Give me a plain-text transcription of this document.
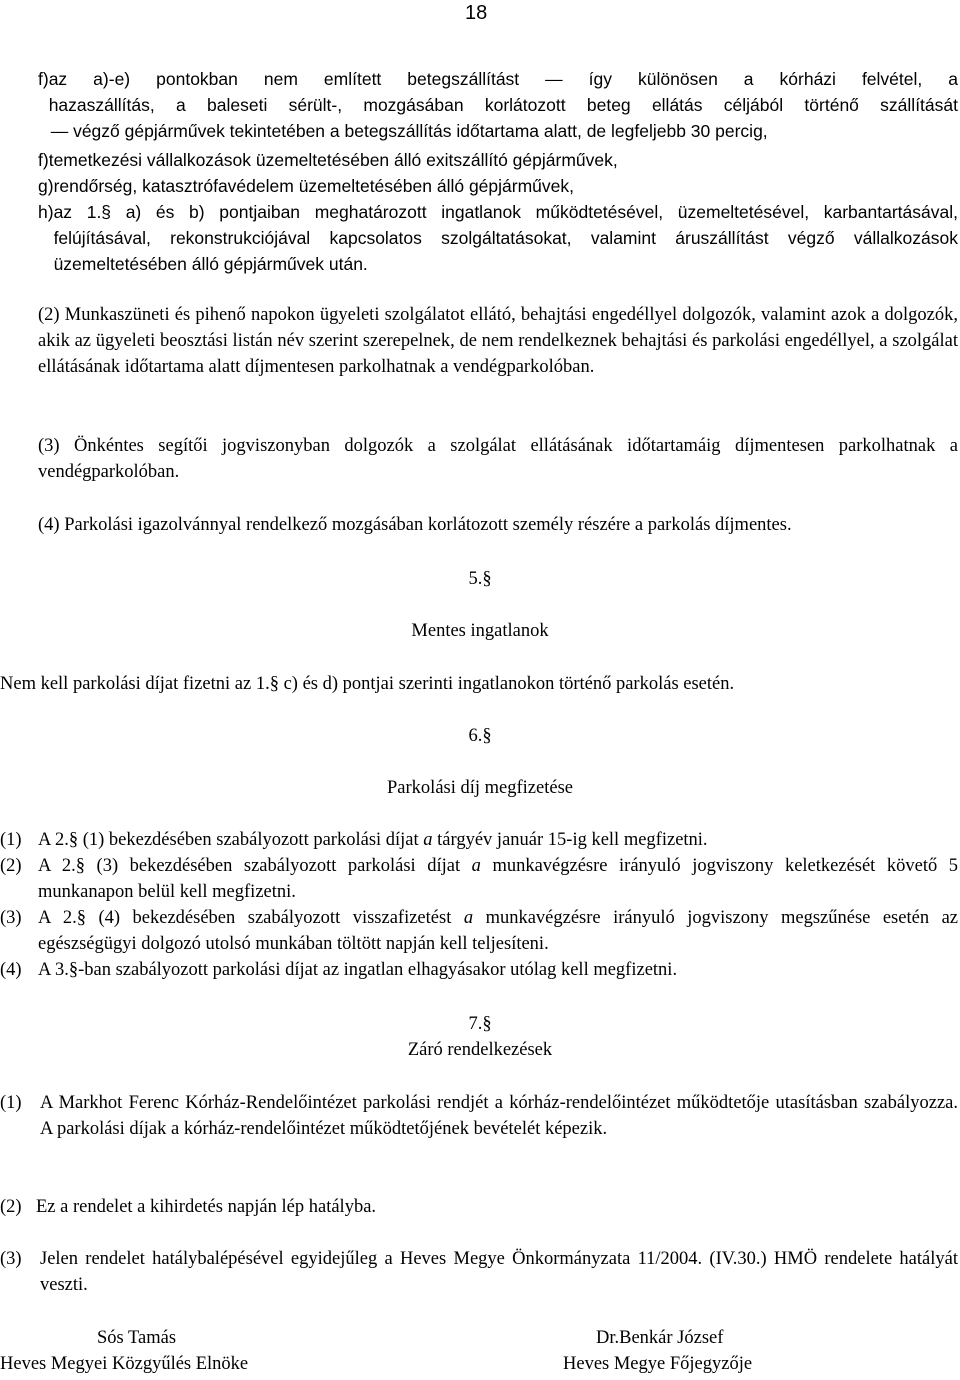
18
f) az a)-e) pontokban nem említett betegszállítást — így különösen a kórházi felvétel, a
hazaszállítás, a baleseti sérült-, mozgásában korlátozott beteg ellátás céljából történő szállítását
— végző gépjárművek tekintetében a betegszállítás időtartama alatt, de legfeljebb 30 percig,
f) temetkezési vállalkozások üzemeltetésében álló exitszállító gépjárművek,
g) rendőrség, katasztrófavédelem üzemeltetésében álló gépjárművek,
h) az 1.§ a) és b) pontjaiban meghatározott ingatlanok működtetésével, üzemeltetésével, karbantartásával, felújításával, rekonstrukciójával kapcsolatos szolgáltatásokat, valamint áruszállítást végző vállalkozások üzemeltetésében álló gépjárművek után.
(2) Munkaszüneti és pihenő napokon ügyeleti szolgálatot ellátó, behajtási engedéllyel dolgozók, valamint azok a dolgozók, akik az ügyeleti beosztási listán név szerint szerepelnek, de nem rendelkeznek behajtási és parkolási engedéllyel, a szolgálat ellátásának időtartama alatt díjmentesen parkolhatnak a vendégparkolóban.
(3) Önkéntes segítői jogviszonyban dolgozók a szolgálat ellátásának időtartamáig díjmentesen parkolhatnak a vendégparkolóban.
(4) Parkolási igazolvánnyal rendelkező mozgásában korlátozott személy részére a parkolás díjmentes.
5.§
Mentes ingatlanok
Nem kell parkolási díjat fizetni az 1.§ c) és d) pontjai szerinti ingatlanokon történő parkolás esetén.
6.§
Parkolási díj megfizetése
(1) A 2.§ (1) bekezdésében szabályozott parkolási díjat a tárgyév január 15-ig kell megfizetni.
(2) A 2.§ (3) bekezdésében szabályozott parkolási díjat a munkavégzésre irányuló jogviszony keletkezését követő 5 munkanapon belül kell megfizetni.
(3) A 2.§ (4) bekezdésében szabályozott visszafizetést a munkavégzésre irányuló jogviszony megszűnése esetén az egészségügyi dolgozó utolsó munkában töltött napján kell teljesíteni.
(4) A 3.§-ban szabályozott parkolási díjat az ingatlan elhagyásakor utólag kell megfizetni.
7.§
Záró rendelkezések
(1) A Markhot Ferenc Kórház-Rendelőintézet parkolási rendjét a kórház-rendelőintézet működtetője utasításban szabályozza. A parkolási díjak a kórház-rendelőintézet működtetőjének bevételét képezik.
(2) Ez a rendelet a kihirdetés napján lép hatályba.
(3) Jelen rendelet hatálybalépésével egyidejűleg a Heves Megye Önkormányzata 11/2004. (IV.30.) HMÖ rendelete hatályát veszti.
Sós Tamás
Heves Megyei Közgyűlés Elnöke
Dr.Benkár József
Heves Megye Főjegyzője
